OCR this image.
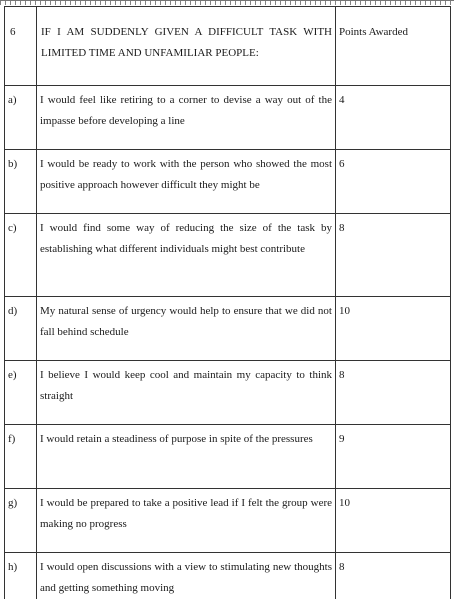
6	IF I AM SUDDENLY GIVEN A DIFFICULT TASK WITH LIMITED TIME AND UNFAMILIAR PEOPLE:	Points Awarded
a)	I would feel like retiring to a corner to devise a way out of the impasse before developing a line	4
b)	I would be ready to work with the person who showed the most positive approach however difficult they might be	6
c)	I would find some way of reducing the size of the task by establishing what different individuals might best contribute	8
d)	My natural sense of urgency would help to ensure that we did not fall behind schedule	10
e)	I believe I would keep cool and maintain my capacity to think straight	8
f)	I would retain a steadiness of purpose in spite of the pressures	9
g)	I would be prepared to take a positive lead if I felt the group were making no progress	10
h)	I would open discussions with a view to stimulating new thoughts and getting something moving	8
